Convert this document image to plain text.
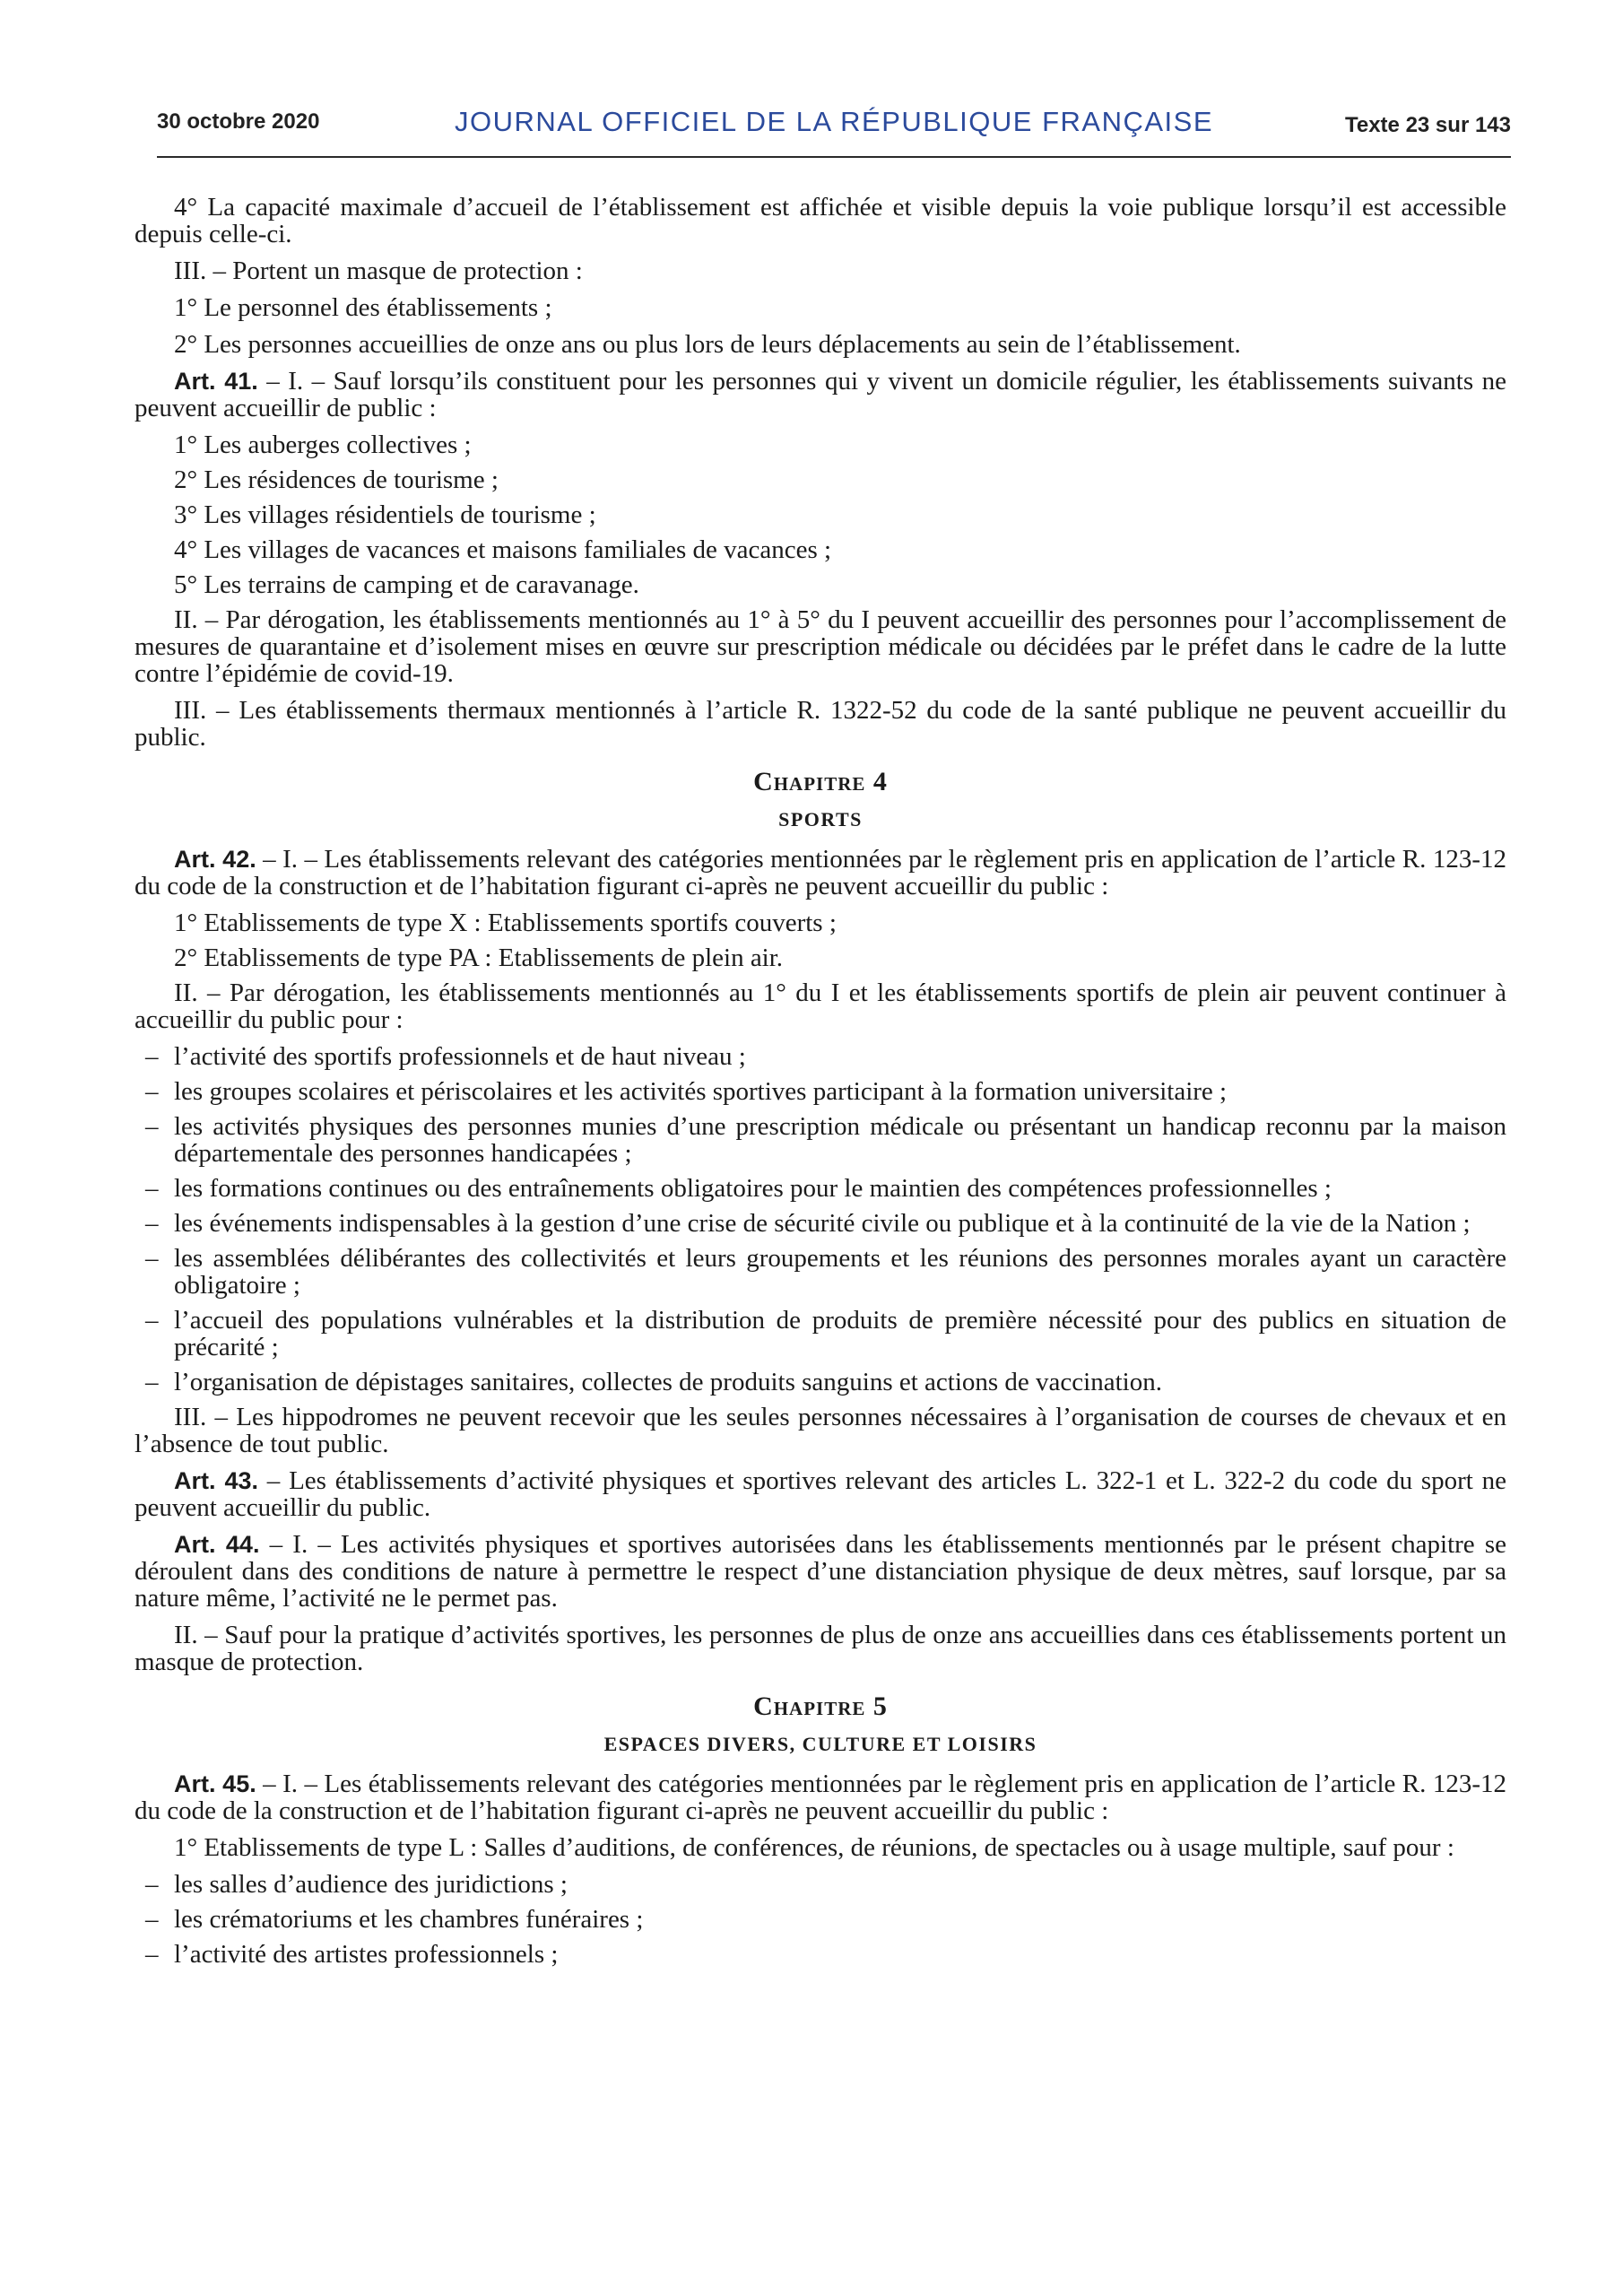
30 octobre 2020	JOURNAL OFFICIEL DE LA RÉPUBLIQUE FRANÇAISE	Texte 23 sur 143

4° La capacité maximale d’accueil de l’établissement est affichée et visible depuis la voie publique lorsqu’il est accessible depuis celle-ci.

III. – Portent un masque de protection :

1° Le personnel des établissements ;

2° Les personnes accueillies de onze ans ou plus lors de leurs déplacements au sein de l’établissement.

Art. 41. – I. – Sauf lorsqu’ils constituent pour les personnes qui y vivent un domicile régulier, les établissements suivants ne peuvent accueillir de public :

1° Les auberges collectives ;
2° Les résidences de tourisme ;
3° Les villages résidentiels de tourisme ;
4° Les villages de vacances et maisons familiales de vacances ;
5° Les terrains de camping et de caravanage.

II. – Par dérogation, les établissements mentionnés au 1° à 5° du I peuvent accueillir des personnes pour l’accomplissement de mesures de quarantaine et d’isolement mises en œuvre sur prescription médicale ou décidées par le préfet dans le cadre de la lutte contre l’épidémie de covid-19.

III. – Les établissements thermaux mentionnés à l’article R. 1322-52 du code de la santé publique ne peuvent accueillir du public.

Chapitre 4
SPORTS

Art. 42. – I. – Les établissements relevant des catégories mentionnées par le règlement pris en application de l’article R. 123-12 du code de la construction et de l’habitation figurant ci-après ne peuvent accueillir du public :

1° Etablissements de type X : Etablissements sportifs couverts ;
2° Etablissements de type PA : Etablissements de plein air.

II. – Par dérogation, les établissements mentionnés au 1° du I et les établissements sportifs de plein air peuvent continuer à accueillir du public pour :

– l’activité des sportifs professionnels et de haut niveau ;
– les groupes scolaires et périscolaires et les activités sportives participant à la formation universitaire ;
– les activités physiques des personnes munies d’une prescription médicale ou présentant un handicap reconnu par la maison départementale des personnes handicapées ;
– les formations continues ou des entraînements obligatoires pour le maintien des compétences professionnelles ;
– les événements indispensables à la gestion d’une crise de sécurité civile ou publique et à la continuité de la vie de la Nation ;
– les assemblées délibérantes des collectivités et leurs groupements et les réunions des personnes morales ayant un caractère obligatoire ;
– l’accueil des populations vulnérables et la distribution de produits de première nécessité pour des publics en situation de précarité ;
– l’organisation de dépistages sanitaires, collectes de produits sanguins et actions de vaccination.

III. – Les hippodromes ne peuvent recevoir que les seules personnes nécessaires à l’organisation de courses de chevaux et en l’absence de tout public.

Art. 43. – Les établissements d’activité physiques et sportives relevant des articles L. 322-1 et L. 322-2 du code du sport ne peuvent accueillir du public.

Art. 44. – I. – Les activités physiques et sportives autorisées dans les établissements mentionnés par le présent chapitre se déroulent dans des conditions de nature à permettre le respect d’une distanciation physique de deux mètres, sauf lorsque, par sa nature même, l’activité ne le permet pas.

II. – Sauf pour la pratique d’activités sportives, les personnes de plus de onze ans accueillies dans ces établissements portent un masque de protection.

Chapitre 5
ESPACES DIVERS, CULTURE ET LOISIRS

Art. 45. – I. – Les établissements relevant des catégories mentionnées par le règlement pris en application de l’article R. 123-12 du code de la construction et de l’habitation figurant ci-après ne peuvent accueillir du public :

1° Etablissements de type L : Salles d’auditions, de conférences, de réunions, de spectacles ou à usage multiple, sauf pour :

– les salles d’audience des juridictions ;
– les crématoriums et les chambres funéraires ;
– l’activité des artistes professionnels ;
